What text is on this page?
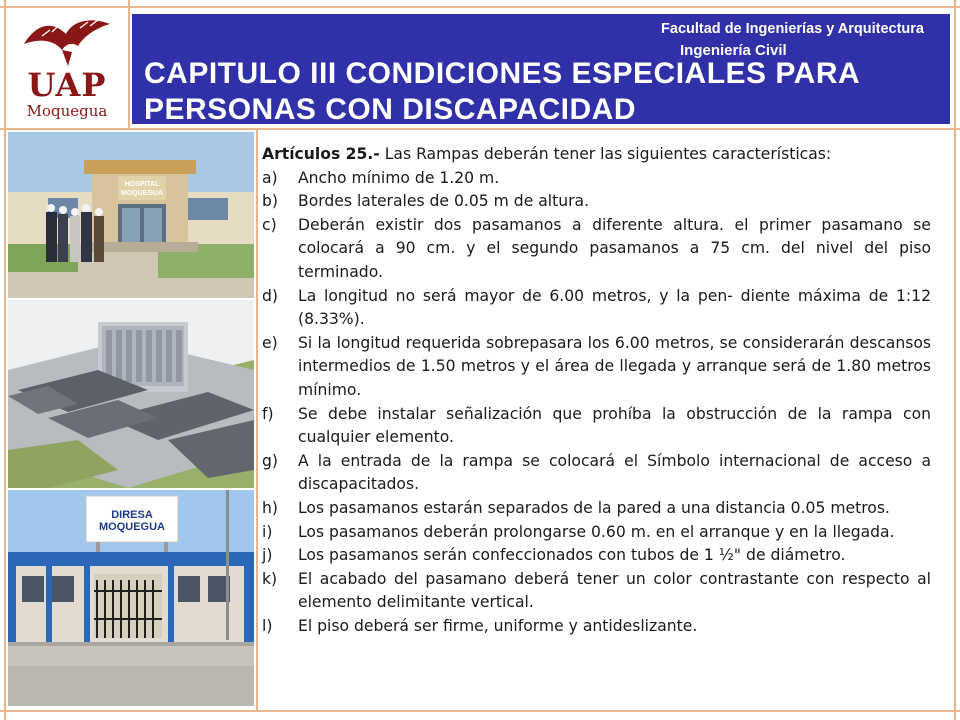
UAP
Moquegua
Facultad de Ingenierías y Arquitectura
Ingeniería Civil
CAPITULO III CONDICIONES ESPECIALES PARA PERSONAS CON DISCAPACIDAD
HOSPITAL
MOQUEGUA
DIRESA
MOQUEGUA

Artículos 25.- Las Rampas deberán tener las siguientes características:

a)	Ancho mínimo de 1.20 m.
b)	Bordes laterales de 0.05 m de altura.
c)	Deberán existir dos pasamanos a diferente altura. el primer pasamano se colocará a 90 cm. y el segundo pasamanos a 75 cm. del nivel del piso terminado.
d)	La longitud no será mayor de 6.00 metros, y la pen- diente máxima de 1:12 (8.33%).
e)	Si la longitud requerida sobrepasara los 6.00 metros, se considerarán descansos intermedios de 1.50 metros y el área de llegada y arranque será de 1.80 metros mínimo.
f)	Se debe instalar señalización que prohíba la obstrucción de la rampa con cualquier elemento.
g)	A la entrada de la rampa se colocará el Símbolo internacional de acceso a discapacitados.
h)	Los pasamanos estarán separados de la pared a una distancia 0.05 metros.
i)	Los pasamanos deberán prolongarse 0.60 m. en el arranque y en la llegada.
j)	Los pasamanos serán confeccionados con tubos de 1 ½" de diámetro.
k)	El acabado del pasamano deberá tener un color contrastante con respecto al elemento delimitante vertical.
l)	El piso deberá ser firme, uniforme y antideslizante.
